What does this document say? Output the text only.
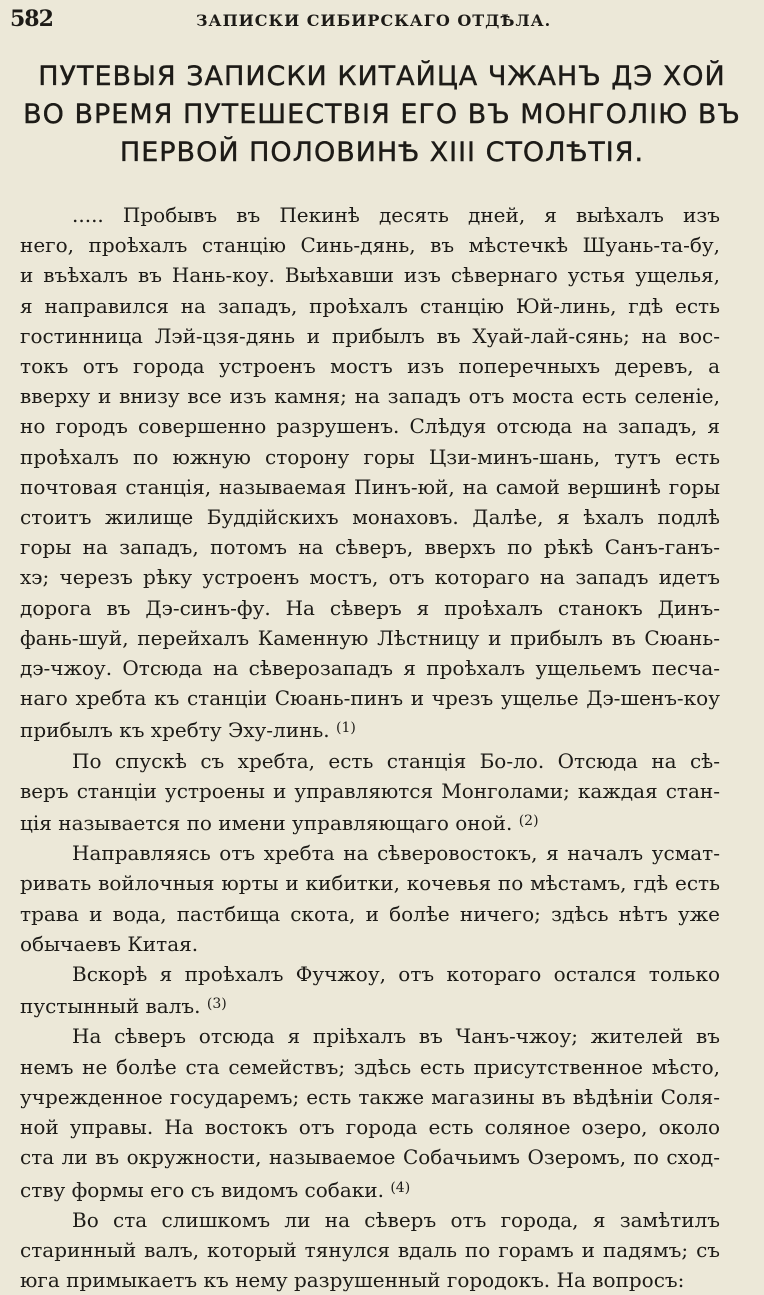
582	ЗАПИСКИ СИБИРСКАГО ОТДѢЛА.

ПУТЕВЫЯ ЗАПИСКИ КИТАЙЦА ЧЖАНЪ ДЭ ХОЙ
ВО ВРЕМЯ ПУТЕШЕСТВІЯ ЕГО ВЪ МОНГОЛІЮ ВЪ
ПЕРВОЙ ПОЛОВИНѢ XIII СТОЛѢТІЯ.
..... Пробывъ въ Пекинѣ десять дней, я выѣхалъ изъ
него, проѣхалъ станцію Синь-дянь, въ мѣстечкѣ Шуань-та-бу,
и въѣхалъ въ Нань-коу. Выѣхавши изъ сѣвернаго устья ущелья,
я направился на западъ, проѣхалъ станцію Юй-линь, гдѣ есть
гостинница Лэй-цзя-дянь и прибылъ въ Хуай-лай-сянь; на вос-
токъ отъ города устроенъ мостъ изъ поперечныхъ деревъ, а
вверху и внизу все изъ камня; на западъ отъ моста есть селеніе,
но городъ совершенно разрушенъ. Слѣдуя отсюда на западъ, я
проѣхалъ по южную сторону горы Цзи-минъ-шань, тутъ есть
почтовая станція, называемая Пинъ-юй, на самой вершинѣ горы
стоитъ жилище Буддійскихъ монаховъ. Далѣе, я ѣхалъ подлѣ
горы на западъ, потомъ на сѣверъ, вверхъ по рѣкѣ Санъ-ганъ-
хэ; черезъ рѣку устроенъ мостъ, отъ котораго на западъ идетъ
дорога въ Дэ-синъ-фу. На сѣверъ я проѣхалъ станокъ Динъ-
фань-шуй, перейхалъ Каменную Лѣстницу и прибылъ въ Сюань-
дэ-чжоу. Отсюда на сѣверозападъ я проѣхалъ ущельемъ песча-
наго хребта къ станціи Сюань-пинъ и чрезъ ущелье Дэ-шенъ-коу
прибылъ къ хребту Эху-линь. $^{(1)}$
По спускѣ съ хребта, есть станція Бо-ло. Отсюда на сѣ-
веръ станціи устроены и управляются Монголами; каждая стан-
ція называется по имени управляющаго оной. $^{(2)}$
Направляясь отъ хребта на сѣверовостокъ, я началъ усмат-
ривать войлочныя юрты и кибитки, кочевья по мѣстамъ, гдѣ есть
трава и вода, пастбища скота, и болѣе ничего; здѣсь нѣтъ уже
обычаевъ Китая.
Вскорѣ я проѣхалъ Фучжоу, отъ котораго остался только
пустынный валъ. $^{(3)}$
На сѣверъ отсюда я пріѣхалъ въ Чанъ-чжоу; жителей въ
немъ не болѣе ста семействъ; здѣсь есть присутственное мѣсто,
учрежденное государемъ; есть также магазины въ вѣдѣніи Соля-
ной управы. На востокъ отъ города есть соляное озеро, около
ста ли въ окружности, называемое Собачьимъ Озеромъ, по сход-
ству формы его съ видомъ собаки. $^{(4)}$
Во ста слишкомъ ли на сѣверъ отъ города, я замѣтилъ
старинный валъ, который тянулся вдаль по горамъ и падямъ; съ
юга примыкаетъ къ нему разрушенный городокъ. На вопросъ:
